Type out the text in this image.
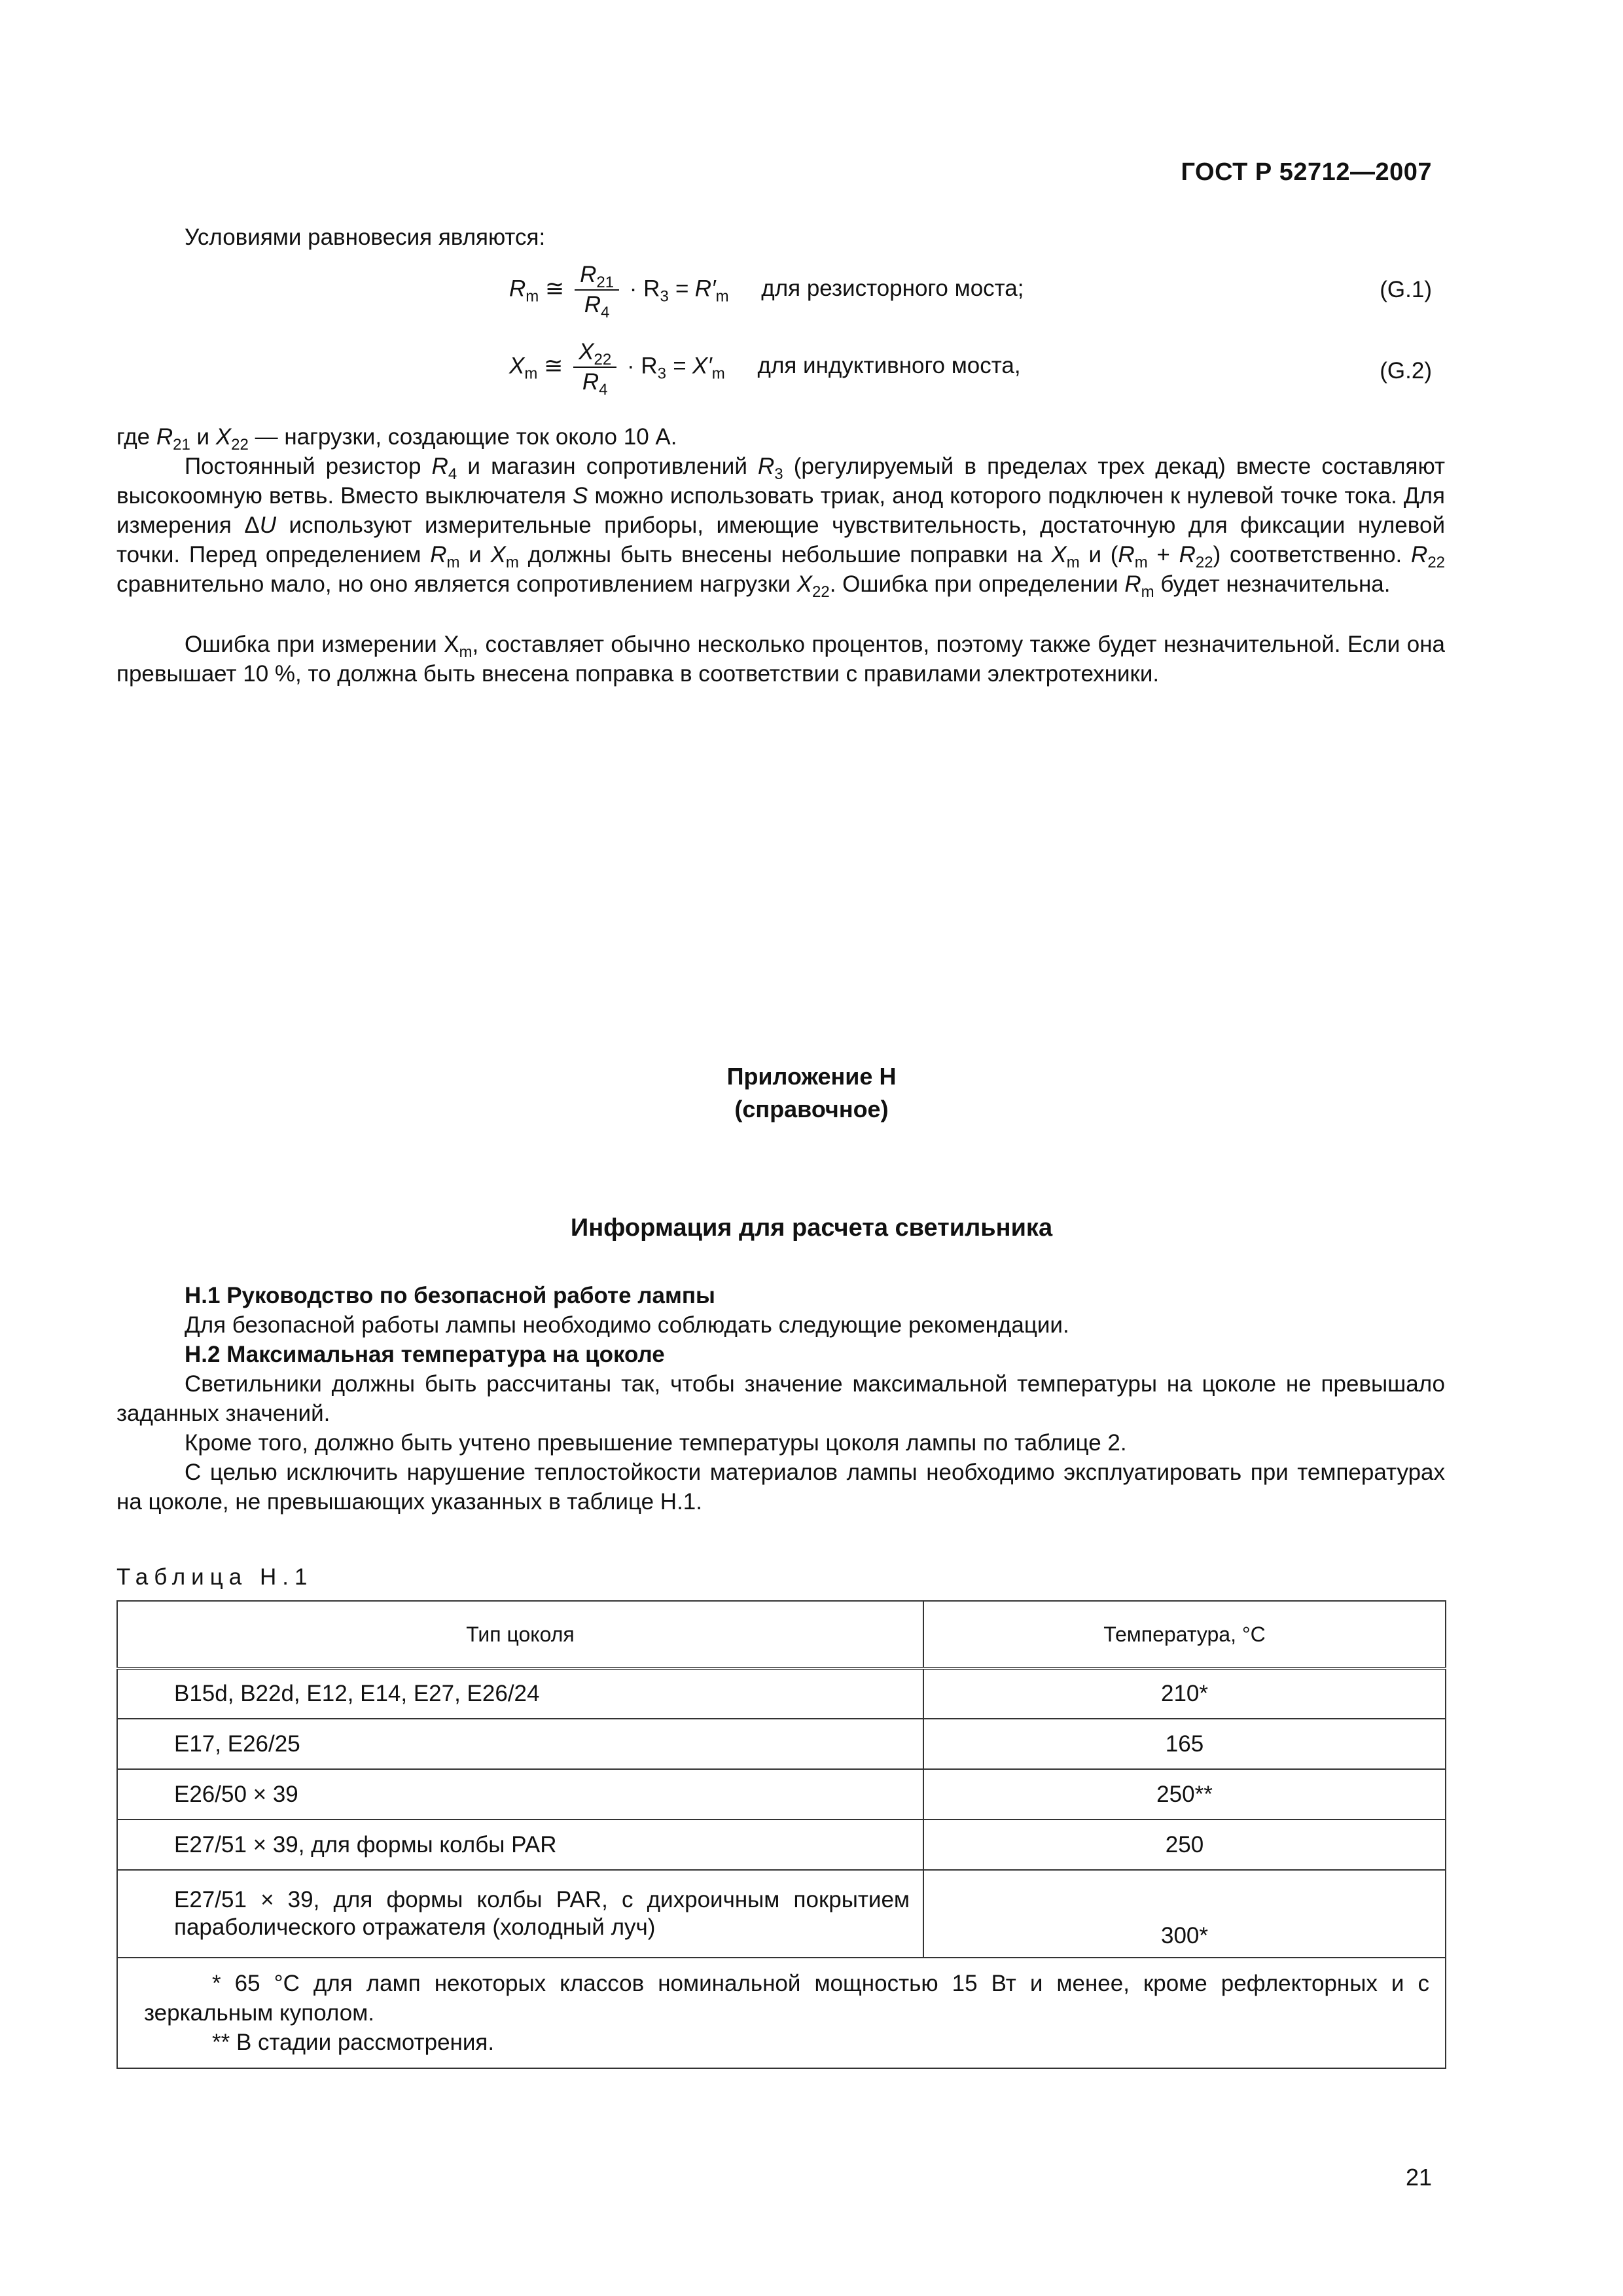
ГОСТ Р 52712—2007
Условиями равновесия являются:
$R_m$ ≅ $\frac{R_{21}}{R_4} \cdot R_3 = R'_m$ для резисторного моста;	(G.1)
$X_m$ ≅ $\frac{X_{22}}{R_4} \cdot R_3 = X'_m$ для индуктивного моста,	(G.2)
где $R_{21}$ и $X_{22}$ — нагрузки, создающие ток около 10 А.
Постоянный резистор $R_4$ и магазин сопротивлений $R_3$ (регулируемый в пределах трех декад) вместе составляют высокоомную ветвь. Вместо выключателя S можно использовать триак, анод которого подключен к нулевой точке тока. Для измерения ΔU используют измерительные приборы, имеющие чувствительность, достаточную для фиксации нулевой точки. Перед определением $R_m$ и $X_m$ должны быть внесены небольшие поправки на $X_m$ и $(R_m + R_{22})$ соответственно. $R_{22}$ сравнительно мало, но оно является сопротивлением нагрузки $X_{22}$. Ошибка при определении $R_m$ будет незначительна.
Ошибка при измерении $X_m$, составляет обычно несколько процентов, поэтому также будет незначительной. Если она превышает 10 %, то должна быть внесена поправка в соответствии с правилами электротехники.
Приложение Н
(справочное)
Информация для расчета светильника
Н.1 Руководство по безопасной работе лампы
Для безопасной работы лампы необходимо соблюдать следующие рекомендации.
Н.2 Максимальная температура на цоколе
Светильники должны быть рассчитаны так, чтобы значение максимальной температуры на цоколе не превышало заданных значений.
Кроме того, должно быть учтено превышение температуры цоколя лампы по таблице 2.
С целью исключить нарушение теплостойкости материалов лампы необходимо эксплуатировать при температурах на цоколе, не превышающих указанных в таблице Н.1.
Таблица Н.1
Тип цоколя	Температура, °С
B15d, B22d, E12, E14, E27, E26/24	210*
E17, E26/25	165
E26/50 × 39	250**
E27/51 × 39, для формы колбы PAR	250
E27/51 × 39, для формы колбы PAR, с дихроичным покрытием параболического отражателя (холодный луч)	300*

* 65 °С для ламп некоторых классов номинальной мощностью 15 Вт и менее, кроме рефлекторных и с зеркальным куполом.
** В стадии рассмотрения.	
21
